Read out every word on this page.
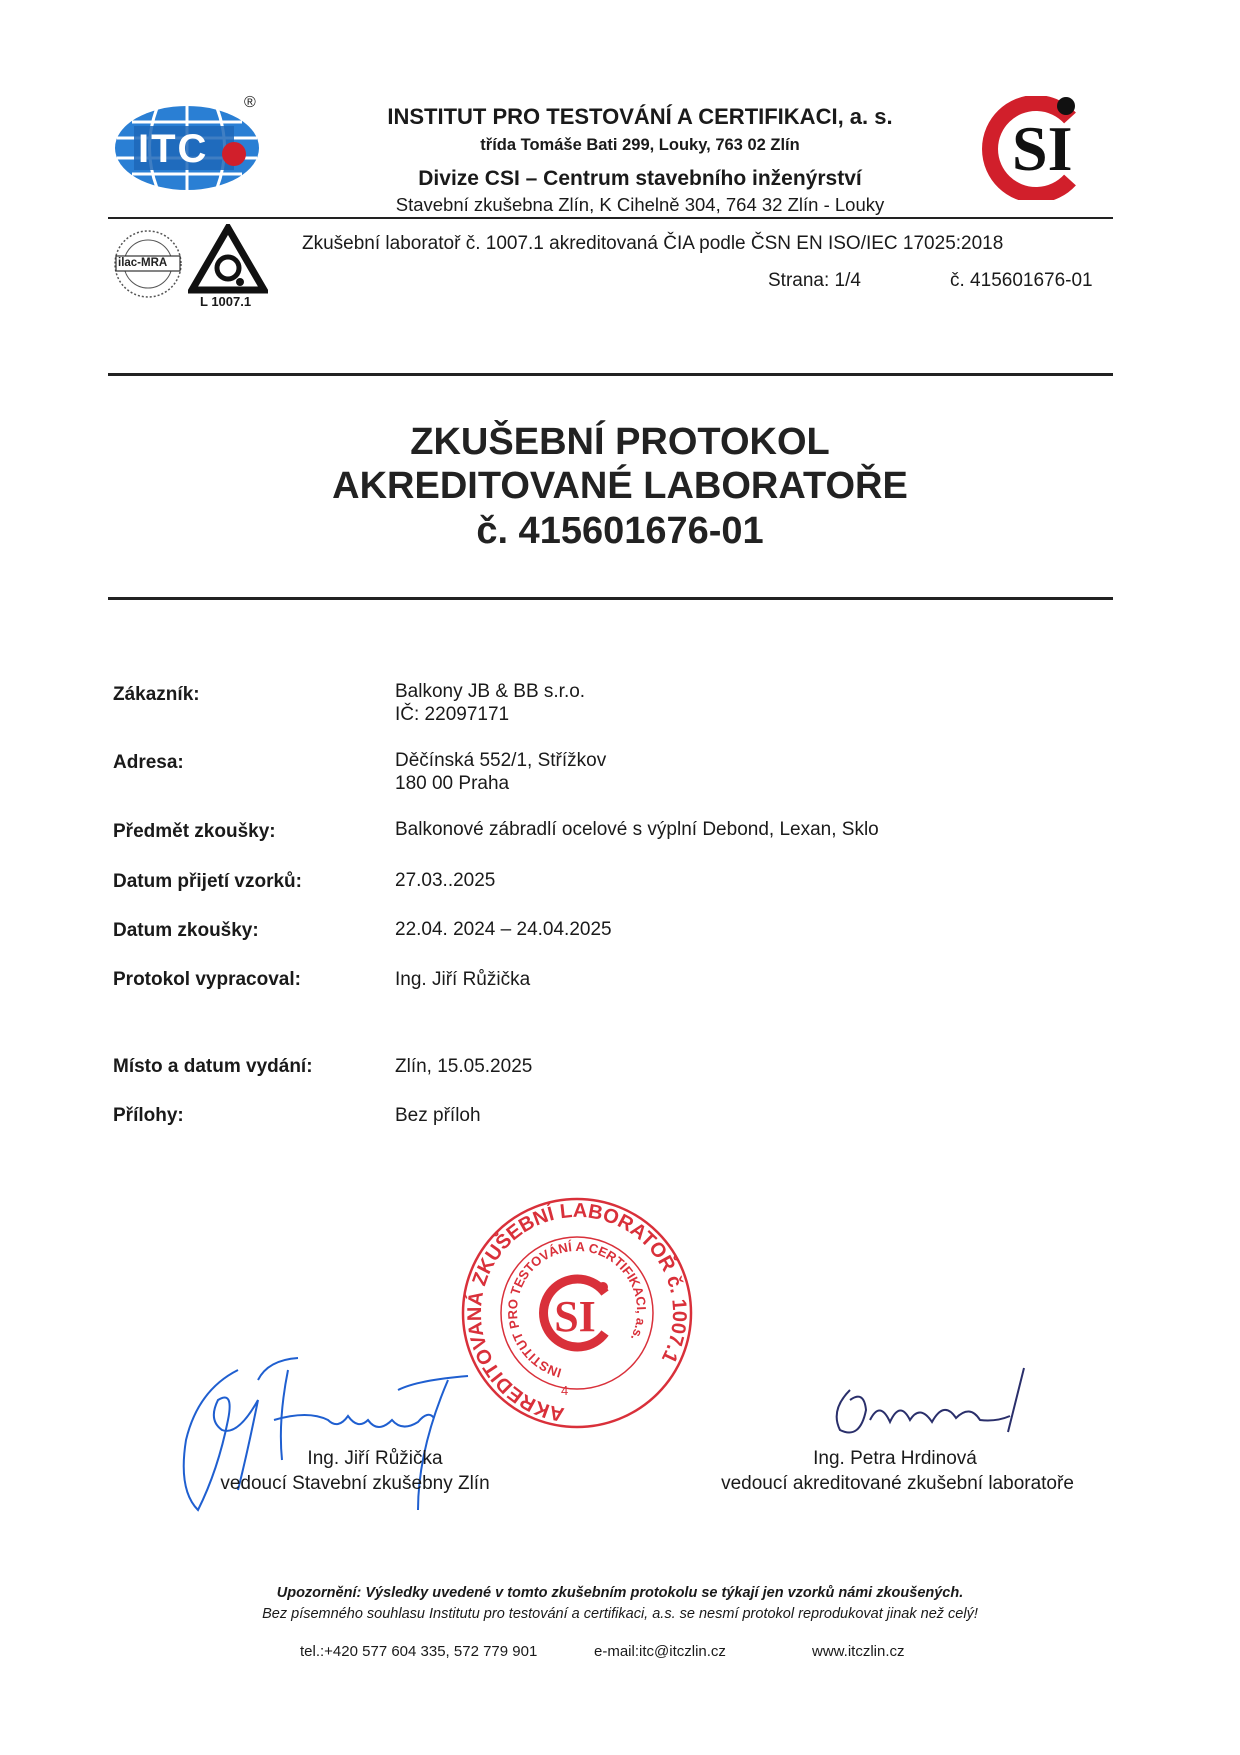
ITC
®
INSTITUT PRO TESTOVÁNÍ A CERTIFIKACI, a. s.
třída Tomáše Bati 299, Louky, 763 02 Zlín
Divize CSI – Centrum stavebního inženýrství
Stavební zkušebna Zlín, K Cihelně 304, 764 32 Zlín - Louky
SI
ilac-MRA
L 1007.1
Zkušební laboratoř č. 1007.1 akreditovaná ČIA podle ČSN EN ISO/IEC 17025:2018
Strana: 1/4	č. 415601676-01
ZKUŠEBNÍ PROTOKOL
AKREDITOVANÉ LABORATOŘE
č. 415601676-01
Zákazník:	Balkony JB & BB s.r.o.
IČ: 22097171
Adresa:	Děčínská 552/1, Střížkov
180 00 Praha
Předmět zkoušky:	Balkonové zábradlí ocelové s výplní Debond, Lexan, Sklo
Datum přijetí vzorků:	27.03..2025
Datum zkoušky:	22.04. 2024 – 24.04.2025
Protokol vypracoval:	Ing. Jiří Růžička
Místo a datum vydání:	Zlín, 15.05.2025
Přílohy:	Bez příloh
AKREDITOVANÁ ZKUŠEBNÍ LABORATOŘ č. 1007.1
INSTITUT PRO TESTOVÁNÍ A CERTIFIKACI, a.s.
SI
4
Ing. Jiří Růžička
vedoucí Stavební zkušebny Zlín
Ing. Petra Hrdinová
vedoucí akreditované zkušební laboratoře
Upozornění: Výsledky uvedené v tomto zkušebním protokolu se týkají jen vzorků námi zkoušených.
Bez písemného souhlasu Institutu pro testování a certifikaci, a.s. se nesmí protokol reprodukovat jinak než celý!
tel.:+420 577 604 335, 572 779 901	e-mail:itc@itczlin.cz	www.itczlin.cz
